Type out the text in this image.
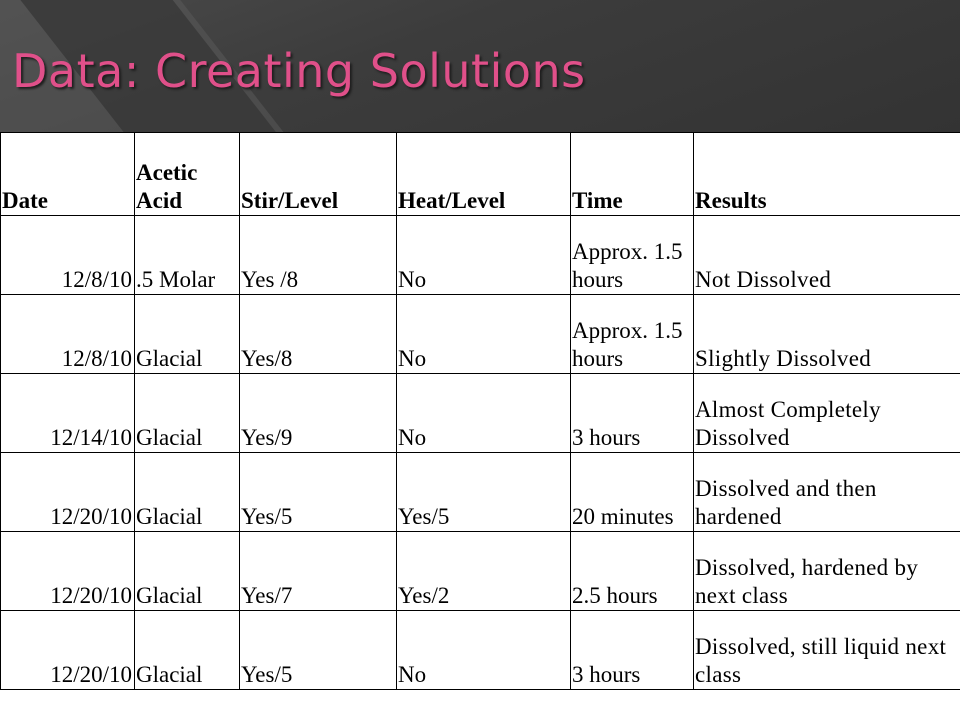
Data: Creating Solutions
Date	Acetic Acid	Stir/Level	Heat/Level	Time	Results
12/8/10	.5 Molar	Yes /8	No	Approx. 1.5 hours	Not Dissolved
12/8/10	Glacial	Yes/8	No	Approx. 1.5 hours	Slightly Dissolved
12/14/10	Glacial	Yes/9	No	3 hours	Almost Completely Dissolved
12/20/10	Glacial	Yes/5	Yes/5	20 minutes	Dissolved and then hardened
12/20/10	Glacial	Yes/7	Yes/2	2.5 hours	Dissolved, hardened by next class
12/20/10	Glacial	Yes/5	No	3 hours	Dissolved, still liquid next class
